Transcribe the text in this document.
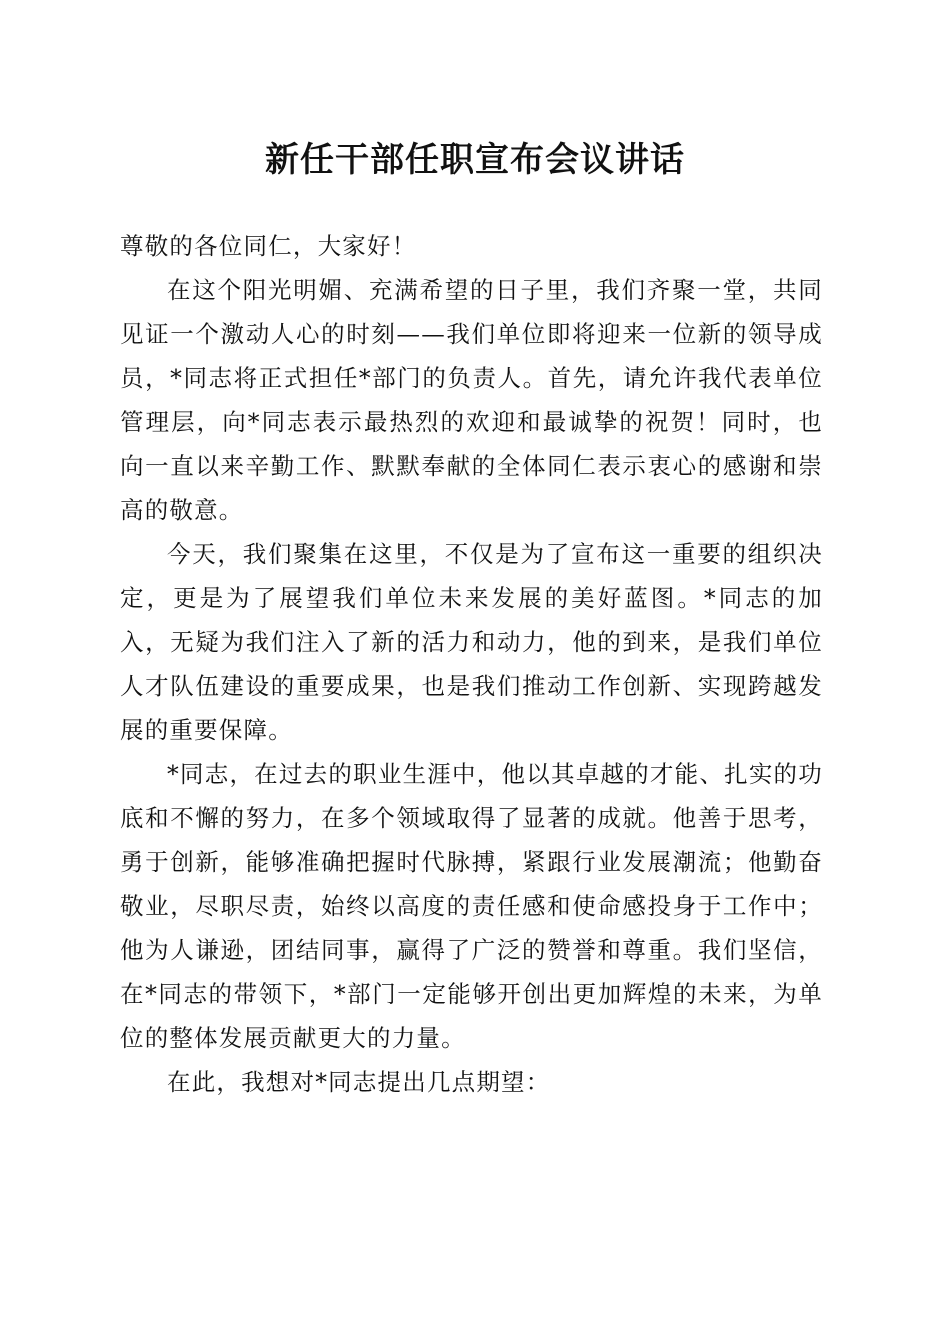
新任干部任职宣布会议讲话

尊敬的各位同仁，大家好！

在这个阳光明媚、充满希望的日子里，我们齐聚一堂，共同见证一个激动人心的时刻——我们单位即将迎来一位新的领导成员，*同志将正式担任*部门的负责人。首先，请允许我代表单位管理层，向*同志表示最热烈的欢迎和最诚挚的祝贺！同时，也向一直以来辛勤工作、默默奉献的全体同仁表示衷心的感谢和崇高的敬意。

今天，我们聚集在这里，不仅是为了宣布这一重要的组织决定，更是为了展望我们单位未来发展的美好蓝图。*同志的加入，无疑为我们注入了新的活力和动力，他的到来，是我们单位人才队伍建设的重要成果，也是我们推动工作创新、实现跨越发展的重要保障。

*同志，在过去的职业生涯中，他以其卓越的才能、扎实的功底和不懈的努力，在多个领域取得了显著的成就。他善于思考，勇于创新，能够准确把握时代脉搏，紧跟行业发展潮流；他勤奋敬业，尽职尽责，始终以高度的责任感和使命感投身于工作中；他为人谦逊，团结同事，赢得了广泛的赞誉和尊重。我们坚信，在*同志的带领下，*部门一定能够开创出更加辉煌的未来，为单位的整体发展贡献更大的力量。

在此，我想对*同志提出几点期望：
